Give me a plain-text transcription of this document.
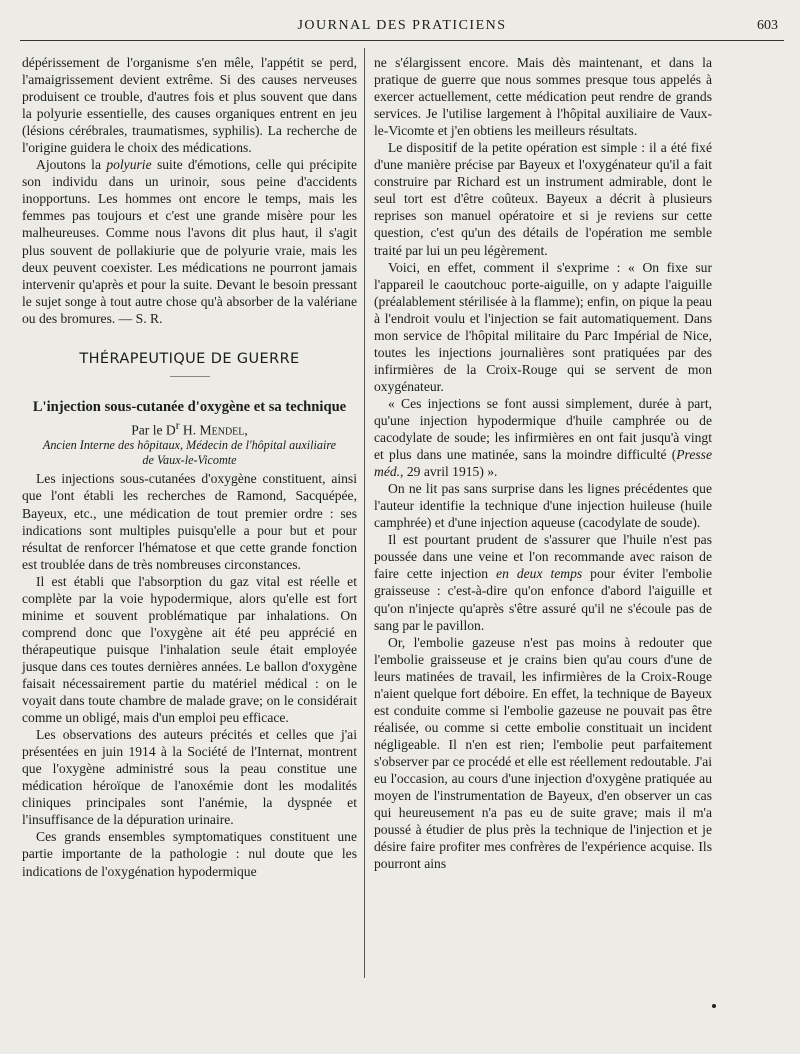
JOURNAL DES PRATICIENS	603

dépérissement de l'organisme s'en mêle, l'appétit se perd, l'amaigrissement devient extrême. Si des causes nerveuses produisent ce trouble, d'autres fois et plus souvent que dans la polyurie essentielle, des causes organiques entrent en jeu (lésions cérébrales, traumatismes, syphilis). La recherche de l'origine guidera le choix des médications.

Ajoutons la polyurie suite d'émotions, celle qui précipite son individu dans un urinoir, sous peine d'accidents inopportuns. Les hommes ont encore le temps, mais les femmes pas toujours et c'est une grande misère pour les malheureuses. Comme nous l'avons dit plus haut, il s'agit plus souvent de pollakiurie que de polyurie vraie, mais les deux peuvent coexister. Les médications ne pourront jamais intervenir qu'après et pour la suite. Devant le besoin pressant le sujet songe à tout autre chose qu'à absorber de la valériane ou des bromures. — S. R.

THÉRAPEUTIQUE DE GUERRE
L'injection sous-cutanée d'oxygène et sa technique
Par le $D^r$ H. Mendel,
Ancien Interne des hôpitaux, Médecin de l'hôpital auxiliaire
de Vaux-le-Vicomte

Les injections sous-cutanées d'oxygène constituent, ainsi que l'ont établi les recherches de Ramond, Sacquépée, Bayeux, etc., une médication de tout premier ordre : ses indications sont multiples puisqu'elle a pour but et pour résultat de renforcer l'hématose et que cette grande fonction est troublée dans de très nombreuses circonstances.

Il est établi que l'absorption du gaz vital est réelle et complète par la voie hypodermique, alors qu'elle est fort minime et souvent problématique par inhalations. On comprend donc que l'oxygène ait été peu apprécié en thérapeutique puisque l'inhalation seule était employée jusque dans ces toutes dernières années. Le ballon d'oxygène faisait nécessairement partie du matériel médical : on le voyait dans toute chambre de malade grave; on le considérait comme un obligé, mais d'un emploi peu efficace.

Les observations des auteurs précités et celles que j'ai présentées en juin 1914 à la Société de l'Internat, montrent que l'oxygène administré sous la peau constitue une médication héroïque de l'anoxémie dont les modalités cliniques principales sont l'anémie, la dyspnée et l'insuffisance de la dépuration urinaire.

Ces grands ensembles symptomatiques constituent une partie importante de la pathologie : nul doute que les indications de l'oxygénation hypodermique

ne s'élargissent encore. Mais dès maintenant, et dans la pratique de guerre que nous sommes presque tous appelés à exercer actuellement, cette médication peut rendre de grands services. Je l'utilise largement à l'hôpital auxiliaire de Vaux-le-Vicomte et j'en obtiens les meilleurs résultats.

Le dispositif de la petite opération est simple : il a été fixé d'une manière précise par Bayeux et l'oxygénateur qu'il a fait construire par Richard est un instrument admirable, dont le seul tort est d'être coûteux. Bayeux a décrit à plusieurs reprises son manuel opératoire et si je reviens sur cette question, c'est qu'un des détails de l'opération me semble traité par lui un peu légèrement.

Voici, en effet, comment il s'exprime : « On fixe sur l'appareil le caoutchouc porte-aiguille, on y adapte l'aiguille (préalablement stérilisée à la flamme); enfin, on pique la peau à l'endroit voulu et l'injection se fait automatiquement. Dans mon service de l'hôpital militaire du Parc Impérial de Nice, toutes les injections journalières sont pratiquées par des infirmières de la Croix-Rouge qui se servent de mon oxygénateur.

« Ces injections se font aussi simplement, durée à part, qu'une injection hypodermique d'huile camphrée ou de cacodylate de soude; les infirmières en ont fait jusqu'à vingt et plus dans une matinée, sans la moindre difficulté (Presse méd., 29 avril 1915) ».

On ne lit pas sans surprise dans les lignes précédentes que l'auteur identifie la technique d'une injection huileuse (huile camphrée) et d'une injection aqueuse (cacodylate de soude).

Il est pourtant prudent de s'assurer que l'huile n'est pas poussée dans une veine et l'on recommande avec raison de faire cette injection en deux temps pour éviter l'embolie graisseuse : c'est-à-dire qu'on enfonce d'abord l'aiguille et qu'on n'injecte qu'après s'être assuré qu'il ne s'écoule pas de sang par le pavillon.

Or, l'embolie gazeuse n'est pas moins à redouter que l'embolie graisseuse et je crains bien qu'au cours d'une de leurs matinées de travail, les infirmières de la Croix-Rouge n'aient quelque fort déboire. En effet, la technique de Bayeux est conduite comme si l'embolie gazeuse ne pouvait pas être réalisée, ou comme si cette embolie constituait un incident négligeable. Il n'en est rien; l'embolie peut parfaitement s'observer par ce procédé et elle est réellement redoutable. J'ai eu l'occasion, au cours d'une injection d'oxygène pratiquée au moyen de l'instrumentation de Bayeux, d'en observer un cas qui heureusement n'a pas eu de suite grave; mais il m'a poussé à étudier de plus près la technique de l'injection et je désire faire profiter mes confrères de l'expérience acquise. Ils pourront ains
